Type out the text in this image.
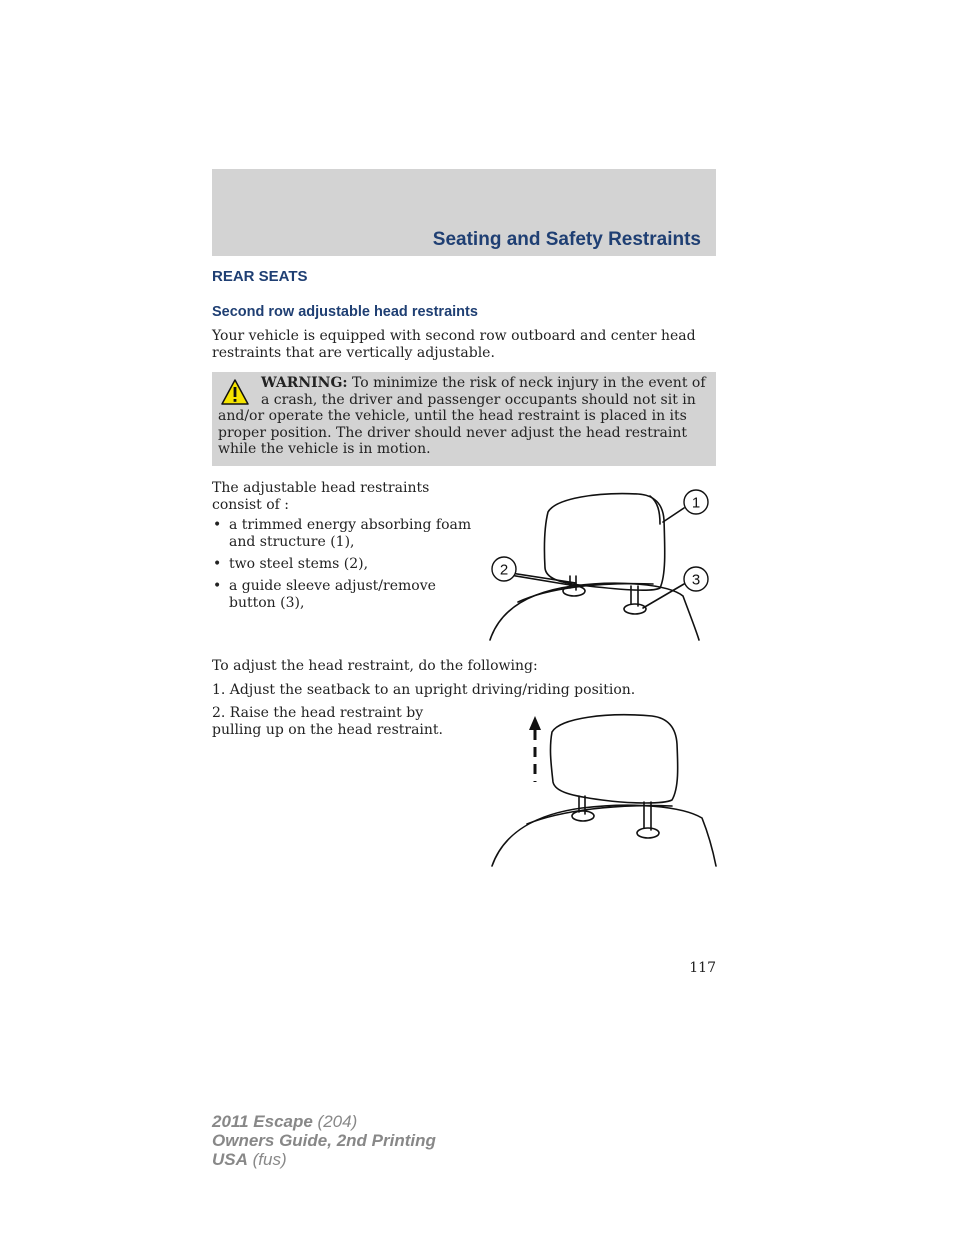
Seating and Safety Restraints
REAR SEATS
Second row adjustable head restraints

Your vehicle is equipped with second row outboard and center head restraints that are vertically adjustable.

WARNING: To minimize the risk of neck injury in the event of a crash, the driver and passenger occupants should not sit in and/or operate the vehicle, until the head restraint is placed in its proper position. The driver should never adjust the head restraint while the vehicle is in motion.

The adjustable head restraints consist of :

• a trimmed energy absorbing foam and structure (1),
• two steel stems (2),
• a guide sleeve adjust/remove button (3),
1
2
3

To adjust the head restraint, do the following:

1. Adjust the seatback to an upright driving/riding position.

2. Raise the head restraint by pulling up on the head restraint.

117
2011 Escape (204)
Owners Guide, 2nd Printing
USA (fus)
